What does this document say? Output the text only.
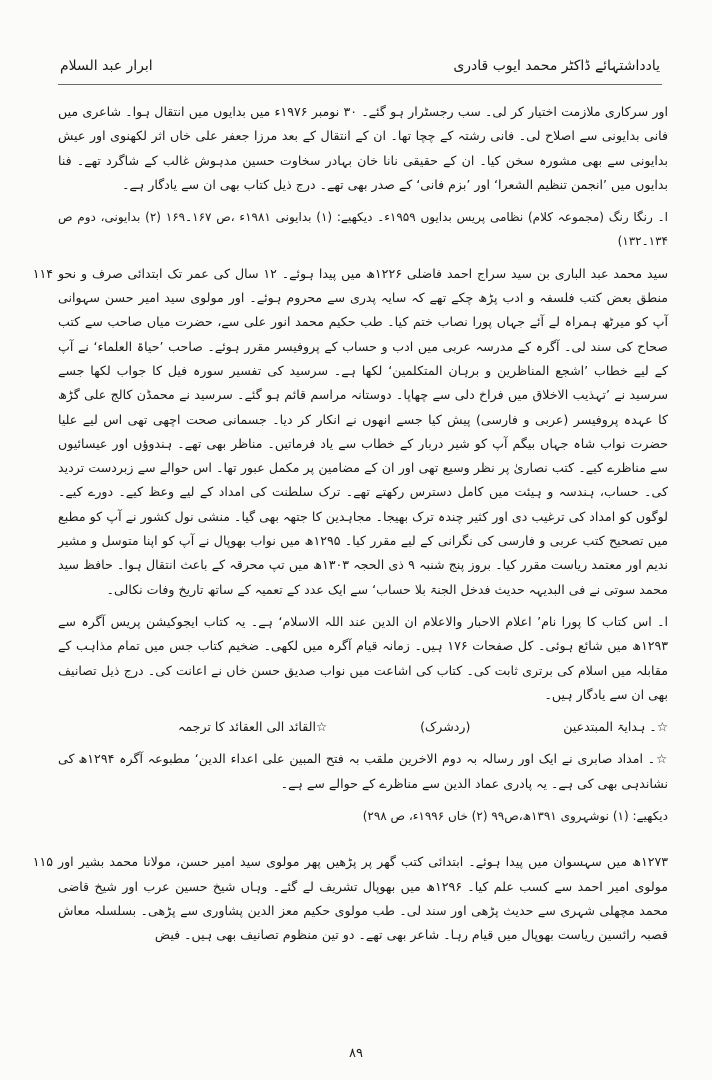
یادداشتہائے ڈاکٹر محمد ایوب قادری
ابرار عبد السلام

اور سرکاری ملازمت اختیار کر لی۔ سب رجسٹرار ہو گئے۔ ۳۰ نومبر ۱۹۷۶ء میں بدایوں میں انتقال ہوا۔ شاعری میں فانی بدایونی سے اصلاح لی۔ فانی رشتہ کے چچا تھا۔ ان کے انتقال کے بعد مرزا جعفر علی خاں اثر لکھنوی اور عیش بدایونی سے بھی مشورہ سخن کیا۔ ان کے حقیقی نانا خان بہادر سخاوت حسین مدہوش غالب کے شاگرد تھے۔ فنا بدایوں میں ’انجمن تنظیم الشعرا‘ اور ’بزم فانی‘ کے صدر بھی تھے۔ درج ذیل کتاب بھی ان سے یادگار ہے۔

ا۔ رنگا رنگ (مجموعہ کلام) نظامی پریس بدایوں ۱۹۵۹ء۔ دیکھیے: (۱) بدایونی ۱۹۸۱ء ،ص ۱۶۷۔۱۶۹ (۲) بدایونی، دوم ص ۱۳۴۔۱۳۲)

۱۱۴ سید محمد عبد الباری بن سید سراج احمد فاضلی ۱۲۲۶ھ میں پیدا ہوئے۔ ۱۲ سال کی عمر تک ابتدائی صرف و نحو منطق بعض کتب فلسفہ و ادب پڑھ چکے تھے کہ سایہ پدری سے محروم ہوئے۔ اور مولوی سید امیر حسن سہوانی آپ کو میرٹھ ہمراہ لے آئے جہاں پورا نصاب ختم کیا۔ طب حکیم محمد انور علی سے، حضرت میاں صاحب سے کتب صحاح کی سند لی۔ آگرہ کے مدرسہ عربی میں ادب و حساب کے پروفیسر مقرر ہوئے۔ صاحب ’حیاۃ العلماء‘ نے آپ کے لیے خطاب ’اشجع المناظرین و برہان المتکلمین‘ لکھا ہے۔ سرسید کی تفسیر سورہ فیل کا جواب لکھا جسے سرسید نے ’تہذیب الاخلاق میں فراخ دلی سے چھاپا۔ دوستانہ مراسم قائم ہو گئے۔ سرسید نے محمڈن کالج علی گڑھ کا عہدہ پروفیسر (عربی و فارسی) پیش کیا جسے انھوں نے انکار کر دیا۔ جسمانی صحت اچھی تھی اس لیے علیا حضرت نواب شاہ جہاں بیگم آپ کو شیر دربار کے خطاب سے یاد فرماتیں۔ مناظر بھی تھے۔ ہندوؤں اور عیسائیوں سے مناظرے کیے۔ کتب نصاریٰ پر نظر وسیع تھی اور ان کے مضامین پر مکمل عبور تھا۔ اس حوالے سے زبردست تردید کی۔ حساب، ہندسہ و ہیئت میں کامل دسترس رکھتے تھے۔ ترک سلطنت کی امداد کے لیے وعظ کیے۔ دورے کیے۔ لوگوں کو امداد کی ترغیب دی اور کثیر چندہ ترک بھیجا۔ مجاہدین کا جتھہ بھی گیا۔ منشی نول کشور نے آپ کو مطبع میں تصحیح کتب عربی و فارسی کی نگرانی کے لیے مقرر کیا۔ ۱۲۹۵ھ میں نواب بھوپال نے آپ کو اپنا متوسل و مشیر ندیم اور معتمد ریاست مقرر کیا۔ بروز پنج شنبہ ۹ ذی الحجہ ۱۳۰۳ھ میں تپ محرقہ کے باعث انتقال ہوا۔ حافظ سید محمد سوتی نے فی البدیہہ حدیث فدخل الجنۃ بلا حساب‘ سے ایک عدد کے تعمیہ کے ساتھ تاریخ وفات نکالی۔

ا۔ اس کتاب کا پورا نام’ اعلام الاحبار والاعلام ان الدین عند اللہ الاسلام‘ ہے۔ یہ کتاب ایجوکیشن پریس آگرہ سے ۱۲۹۳ھ میں شائع ہوئی۔ کل صفحات ۱۷۶ ہیں۔ زمانہ قیام آگرہ میں لکھی۔ ضخیم کتاب جس میں تمام مذاہب کے مقابلہ میں اسلام کی برتری ثابت کی۔ کتاب کی اشاعت میں نواب صدیق حسن خاں نے اعانت کی۔ درج ذیل تصانیف بھی ان سے یادگار ہیں۔

☆۔ ہدایۃ المبتدعین
(ردشرک)
☆القائد الی العقائد کا ترجمہ

☆۔ امداد صابری نے ایک اور رسالہ بہ دوم الاخرین ملقب بہ فتح المبین علی اعداء الدین‘ مطبوعہ آگرہ ۱۲۹۴ھ کی نشاندہی بھی کی ہے۔ یہ پادری عماد الدین سے مناظرے کے حوالے سے ہے۔

دیکھیے: (۱) نوشہروی ۱۳۹۱ھ،ص۹۹ (۲) خاں ۱۹۹۶ء، ص ۲۹۸)

۱۱۵ ۱۲۷۳ھ میں سہسوان میں پیدا ہوئے۔ ابتدائی کتب گھر پر پڑھیں پھر مولوی سید امیر حسن، مولانا محمد بشیر اور مولوی امیر احمد سے کسب علم کیا۔ ۱۲۹۶ھ میں بھوپال تشریف لے گئے۔ وہاں شیخ حسین عرب اور شیخ قاضی محمد مچھلی شہری سے حدیث پڑھی اور سند لی۔ طب مولوی حکیم معز الدین پشاوری سے پڑھی۔ بسلسلہ معاش قصبہ رائسین ریاست بھوپال میں قیام رہا۔ شاعر بھی تھے۔ دو تین منظوم تصانیف بھی ہیں۔ فیض

۸۹
